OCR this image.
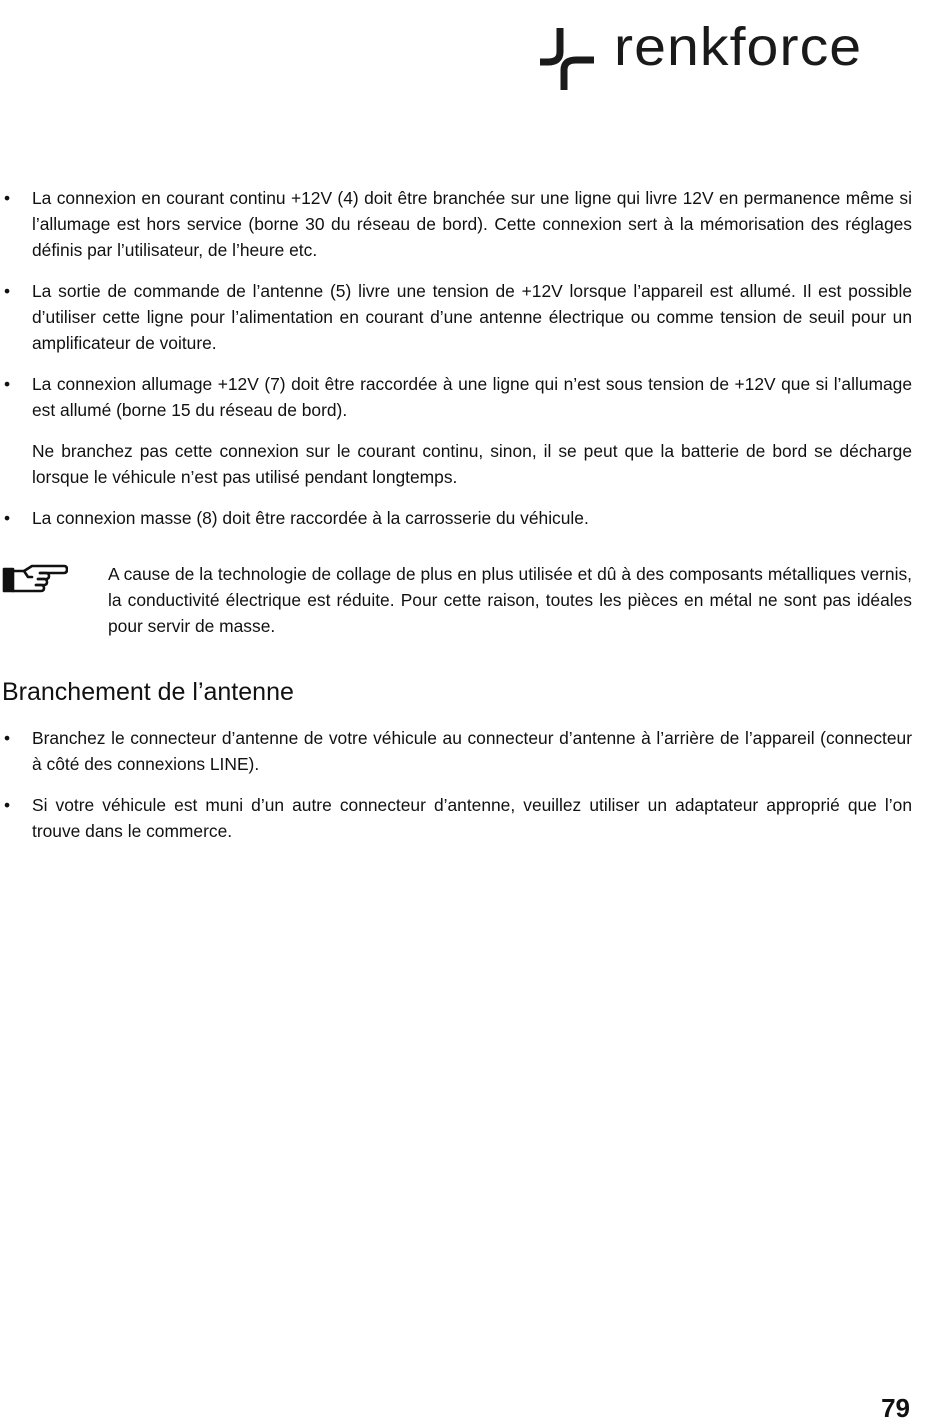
renkforce
• La connexion en courant continu +12V (4) doit être branchée sur une ligne qui livre 12V en permanence même si l’allumage est hors service (borne 30 du réseau de bord). Cette connexion sert à la mémorisation des réglages définis par l’utilisateur, de l’heure etc.
• La sortie de commande de l’antenne (5) livre une tension de +12V lorsque l’appareil est allumé. Il est possible d’utiliser cette ligne pour l’alimentation en courant d’une antenne électrique ou comme tension de seuil pour un amplificateur de voiture.
• La connexion allumage +12V (7) doit être raccordée à une ligne qui n’est sous tension de +12V que si l’allumage est allumé (borne 15 du réseau de bord).
Ne branchez pas cette connexion sur le courant continu, sinon, il se peut que la batterie de bord se décharge lorsque le véhicule n’est pas utilisé pendant longtemps.
• La connexion masse (8) doit être raccordée à la carrosserie du véhicule.
A cause de la technologie de collage de plus en plus utilisée et dû à des composants métalliques vernis, la conductivité électrique est réduite. Pour cette raison, toutes les pièces en métal ne sont pas idéales pour servir de masse.
Branchement de l’antenne
• Branchez le connecteur d’antenne de votre véhicule au connecteur d’antenne à l’arrière de l’appareil (connecteur à côté des connexions LINE).
• Si votre véhicule est muni d’un autre connecteur d’antenne, veuillez utiliser un adaptateur approprié que l’on trouve dans le commerce.
79
